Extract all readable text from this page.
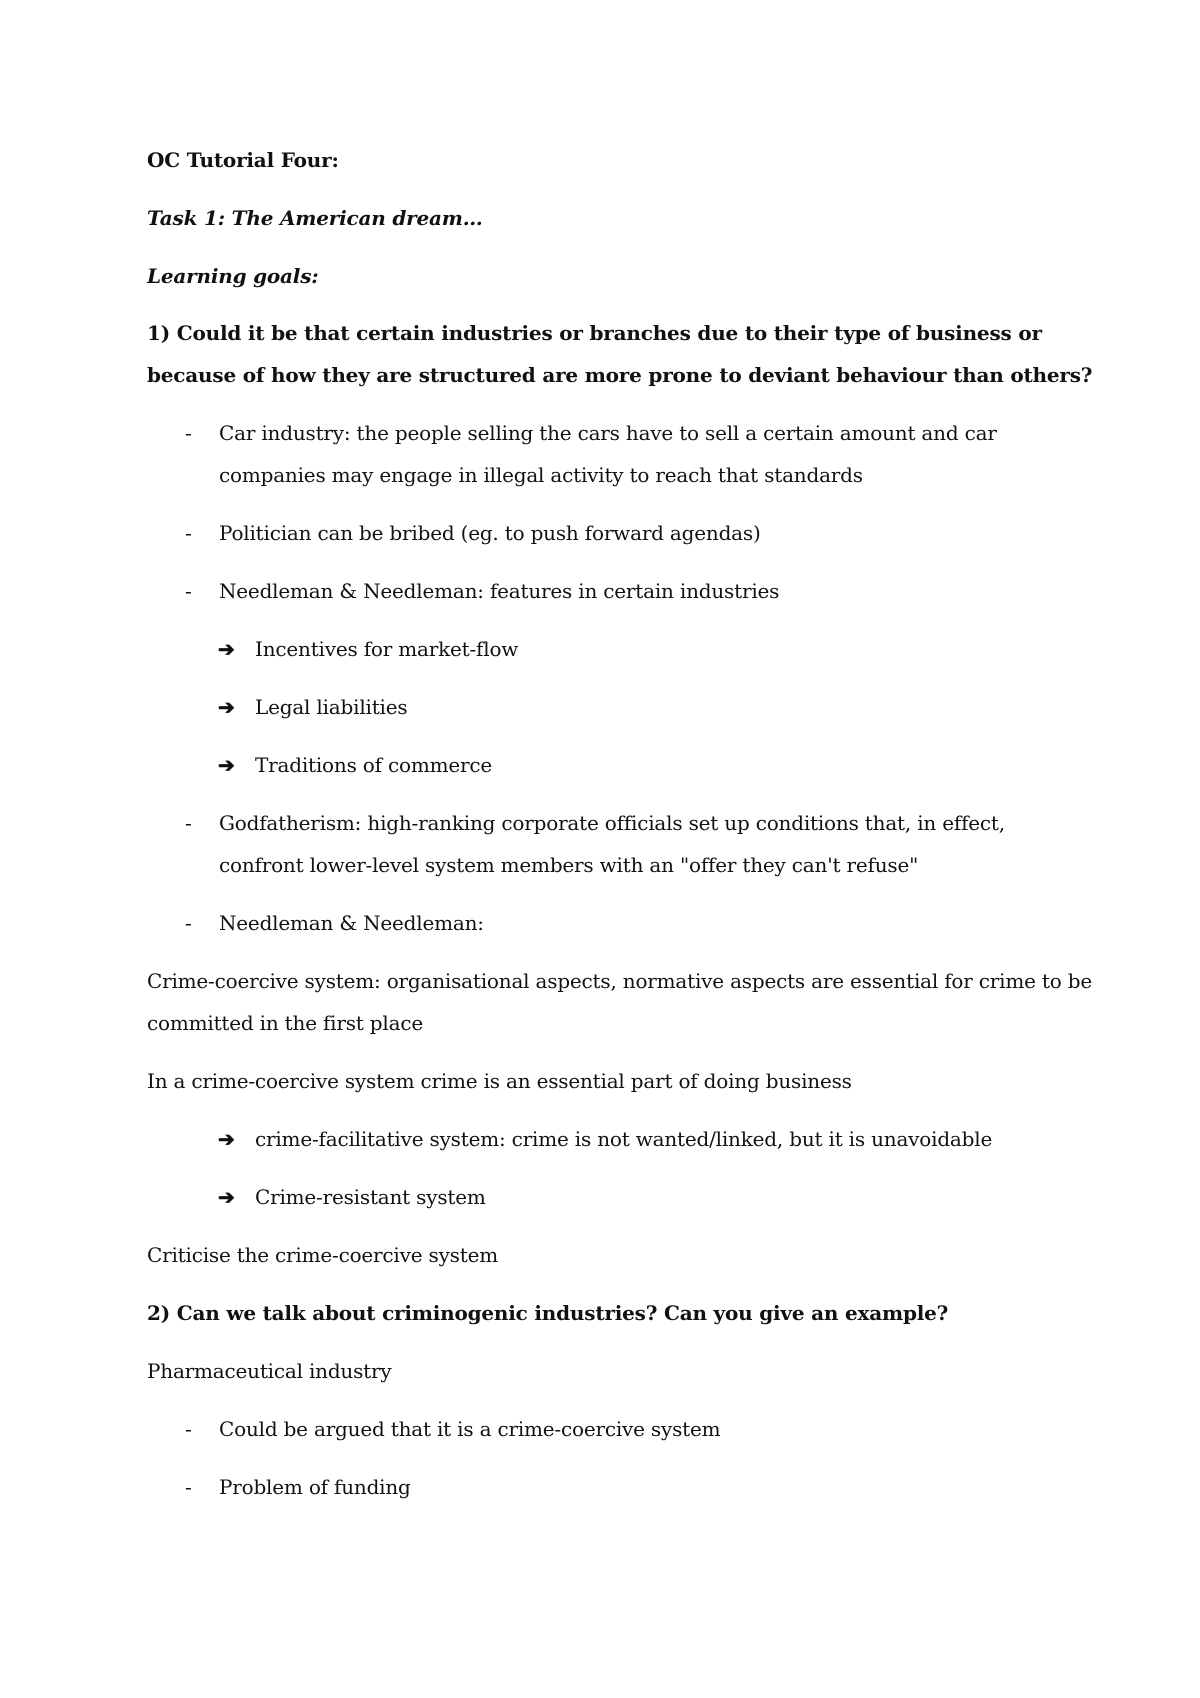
OC Tutorial Four:
Task 1: The American dream…
Learning goals:
1) Could it be that certain industries or branches due to their type of business or
because of how they are structured are more prone to deviant behaviour than others?
- Car industry: the people selling the cars have to sell a certain amount and car
companies may engage in illegal activity to reach that standards
- Politician can be bribed (eg. to push forward agendas)
- Needleman & Needleman: features in certain industries
➔ Incentives for market-flow
➔ Legal liabilities
➔ Traditions of commerce
- Godfatherism: high-ranking corporate officials set up conditions that, in effect,
confront lower-level system members with an "offer they can't refuse"
- Needleman & Needleman:
Crime-coercive system: organisational aspects, normative aspects are essential for crime to be
committed in the first place
In a crime-coercive system crime is an essential part of doing business
➔ crime-facilitative system: crime is not wanted/linked, but it is unavoidable
➔ Crime-resistant system
Criticise the crime-coercive system
2) Can we talk about criminogenic industries? Can you give an example?
Pharmaceutical industry
- Could be argued that it is a crime-coercive system
- Problem of funding
